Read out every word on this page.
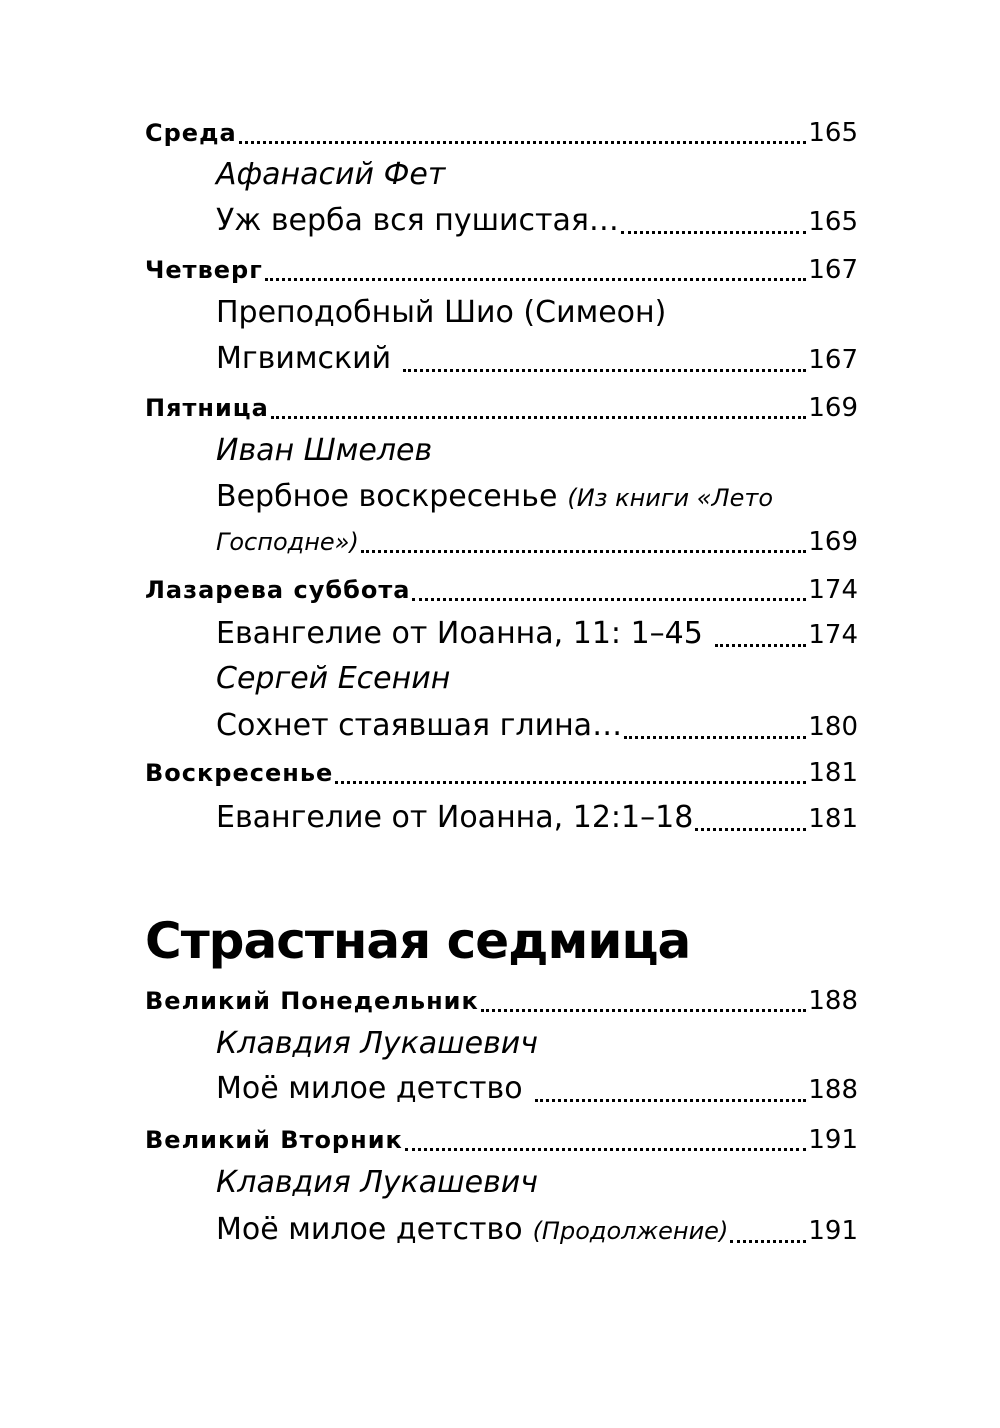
Среда	165
Афанасий Фет
Уж верба вся пушистая…	165
Четверг	167
Преподобный Шио (Симеон)
Мгвимский	167
Пятница	169
Иван Шмелев
Вербное воскресенье (Из книги «Лето
Господне»)	169
Лазарева суббота	174
Евангелие от Иоанна, 11: 1–45	174
Сергей Есенин
Сохнет стаявшая глина…	180
Воскресенье	181
Евангелие от Иоанна, 12:1–18	181
Страстная седмица
Великий Понедельник	188
Клавдия Лукашевич
Моё милое детство	188
Великий Вторник	191
Клавдия Лукашевич
Моё милое детство (Продолжение)	191
